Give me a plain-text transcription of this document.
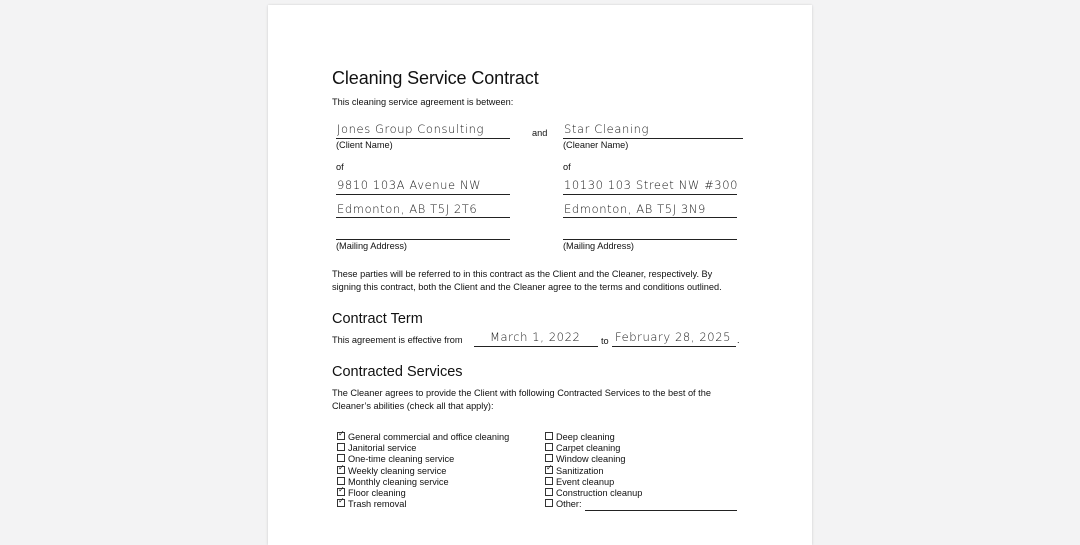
Cleaning Service Contract
This cleaning service agreement is between:
Jones Group Consulting
(Client Name)
and Star Cleaning
(Cleaner Name)
of	of
9810 103A Avenue NW	10130 103 Street NW #300
Edmonton, AB T5J 2T6	Edmonton, AB T5J 3N9
(Mailing Address)	(Mailing Address)
These parties will be referred to in this contract as the Client and the Cleaner, respectively. By
signing this contract, both the Client and the Cleaner agree to the terms and conditions outlined.
Contract Term
This agreement is effective from March 1, 2022 to February 28, 2025 .
Contracted Services
The Cleaner agrees to provide the Client with following Contracted Services to the best of the
Cleaner’s abilities (check all that apply):
✓ General commercial and office cleaning
Janitorial service
One-time cleaning service
✓ Weekly cleaning service
Monthly cleaning service
✓ Floor cleaning
✓ Trash removal
Deep cleaning
Carpet cleaning
Window cleaning
✓ Sanitization
Event cleanup
Construction cleanup
Other:
